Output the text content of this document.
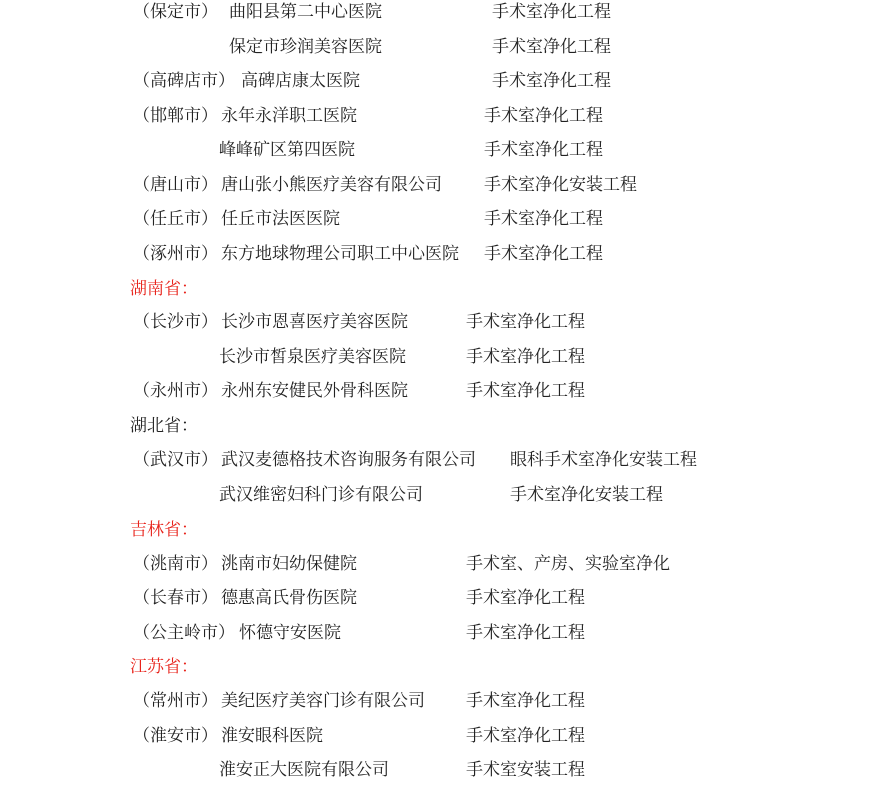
（保定市） 曲阳县第二中心医院	手术室净化工程
保定市珍润美容医院	手术室净化工程
（高碑店市） 高碑店康太医院	手术室净化工程
（邯郸市） 永年永洋职工医院	手术室净化工程
峰峰矿区第四医院	手术室净化工程
（唐山市） 唐山张小熊医疗美容有限公司 手术室净化安装工程
（任丘市） 任丘市法医医院	手术室净化工程
（涿州市） 东方地球物理公司职工中心医院 手术室净化工程
湖南省：
（长沙市） 长沙市恩喜医疗美容医院	手术室净化工程
长沙市皙泉医疗美容医院	手术室净化工程
（永州市） 永州东安健民外骨科医院	手术室净化工程
湖北省：
（武汉市） 武汉麦德格技术咨询服务有限公司 眼科手术室净化安装工程
武汉维密妇科门诊有限公司	手术室净化安装工程
吉林省：
（洮南市） 洮南市妇幼保健院	手术室、产房、实验室净化
（长春市） 德惠高氏骨伤医院	手术室净化工程
（公主岭市） 怀德守安医院	手术室净化工程
江苏省：
（常州市） 美纪医疗美容门诊有限公司 手术室净化工程
（淮安市） 淮安眼科医院	手术室净化工程
淮安正大医院有限公司	手术室安装工程
